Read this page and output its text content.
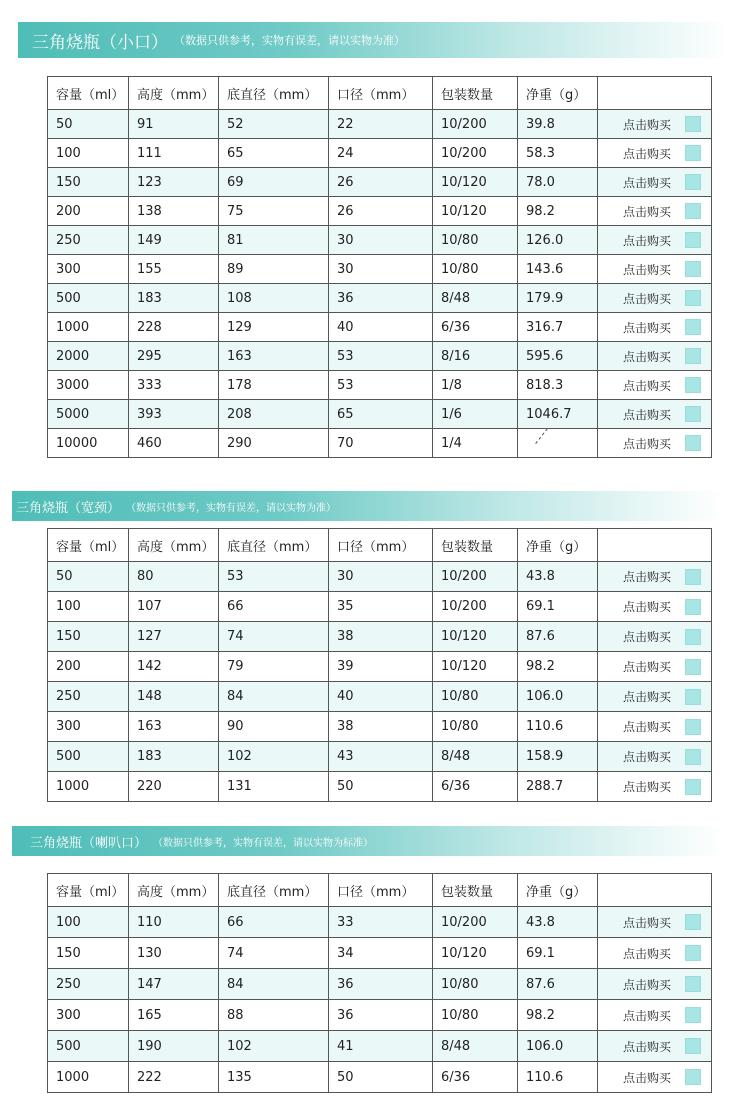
三角烧瓶（小口） （数据只供参考，实物有误差，请以实物为准）
容量（ml）	高度（mm）	底直径（mm）	口径（mm）	包装数量	净重（g）	
50	91	52	22	10/200	39.8	点击购买
100	111	65	24	10/200	58.3	点击购买
150	123	69	26	10/120	78.0	点击购买
200	138	75	26	10/120	98.2	点击购买
250	149	81	30	10/80	126.0	点击购买
300	155	89	30	10/80	143.6	点击购买
500	183	108	36	8/48	179.9	点击购买
1000	228	129	40	6/36	316.7	点击购买
2000	295	163	53	8/16	595.6	点击购买
3000	333	178	53	1/8	818.3	点击购买
5000	393	208	65	1/6	1046.7	点击购买
10000	460	290	70	1/4		点击购买
三角烧瓶（宽颈） （数据只供参考，实物有误差，请以实物为准）
容量（ml）	高度（mm）	底直径（mm）	口径（mm）	包装数量	净重（g）	
50	80	53	30	10/200	43.8	点击购买
100	107	66	35	10/200	69.1	点击购买
150	127	74	38	10/120	87.6	点击购买
200	142	79	39	10/120	98.2	点击购买
250	148	84	40	10/80	106.0	点击购买
300	163	90	38	10/80	110.6	点击购买
500	183	102	43	8/48	158.9	点击购买
1000	220	131	50	6/36	288.7	点击购买
三角烧瓶（喇叭口） （数据只供参考，实物有误差，请以实物为标准）
容量（ml）	高度（mm）	底直径（mm）	口径（mm）	包装数量	净重（g）	
100	110	66	33	10/200	43.8	点击购买
150	130	74	34	10/120	69.1	点击购买
250	147	84	36	10/80	87.6	点击购买
300	165	88	36	10/80	98.2	点击购买
500	190	102	41	8/48	106.0	点击购买
1000	222	135	50	6/36	110.6	点击购买
